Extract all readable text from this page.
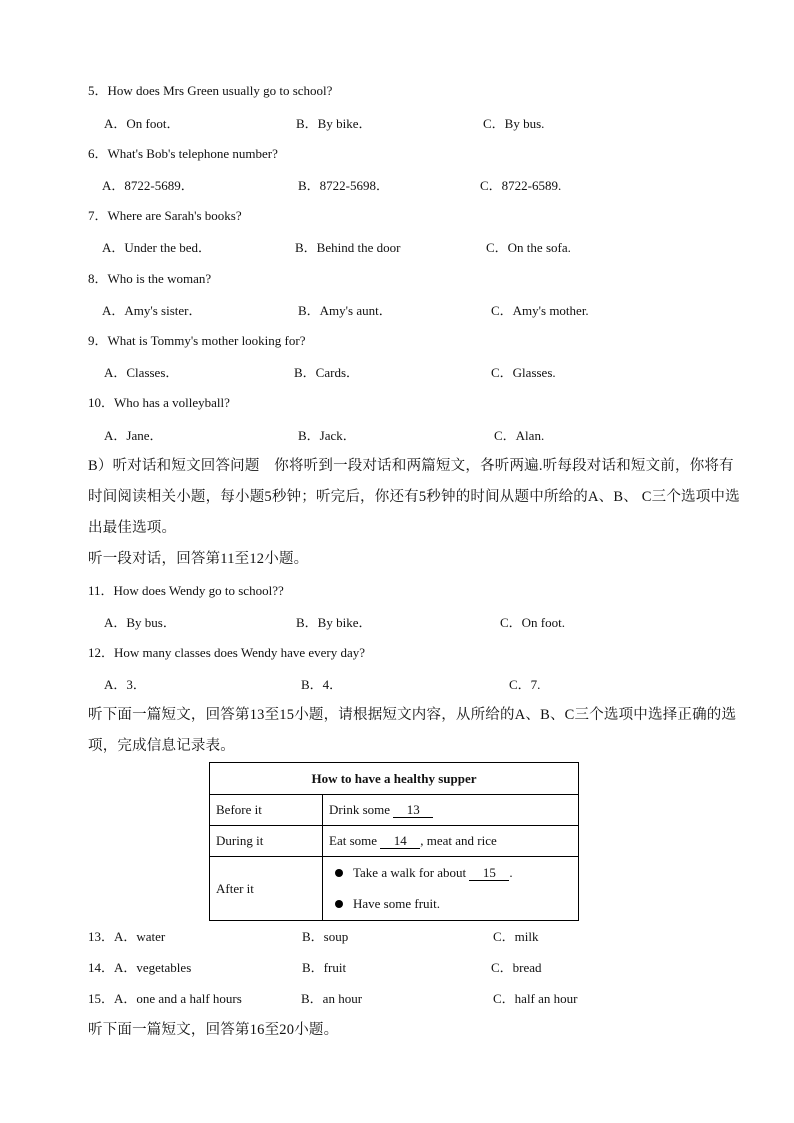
5．How does Mrs Green usually go to school?
A．On foot．	B．By bike．	C．By bus.
6．What's Bob's telephone number?
A．8722-5689．	B．8722-5698．	C．8722-6589.
7．Where are Sarah's books?
A．Under the bed．	B．Behind the door	C．On the sofa.
8．Who is the woman?
A．Amy's sister．	B．Amy's aunt．	C．Amy's mother.
9．What is Tommy's mother looking for?
A．Classes．	B．Cards．	C．Glasses.
10．Who has a volleyball?
A．Jane．	B．Jack．	C．Alan.
B）听对话和短文回答问题　你将听到一段对话和两篇短文，各听两遍.听每段对话和短文前，你将有
时间阅读相关小题，每小题5秒钟；听完后，你还有5秒钟的时间从题中所给的A、B、 C三个选项中选
出最佳选项。
听一段对话，回答第11至12小题。
11．How does Wendy go to school??
A．By bus．	B．By bike．	C．On foot.
12．How many classes does Wendy have every day?
A．3．	B．4．	C．7.
听下面一篇短文，回答第13至15小题，请根据短文内容，从所给的A、B、C三个选项中选择正确的选
项，完成信息记录表。
How to have a healthy supper	
Before it	Drink some 13
During it	Eat some 14 , meat and rice
After it	Take a walk for about 15 .
Have some fruit.
13．A．water	B．soup	C．milk
14．A．vegetables	B．fruit	C．bread
15．A．one and a half hours	B．an hour	C．half an hour
听下面一篇短文，回答第16至20小题。
